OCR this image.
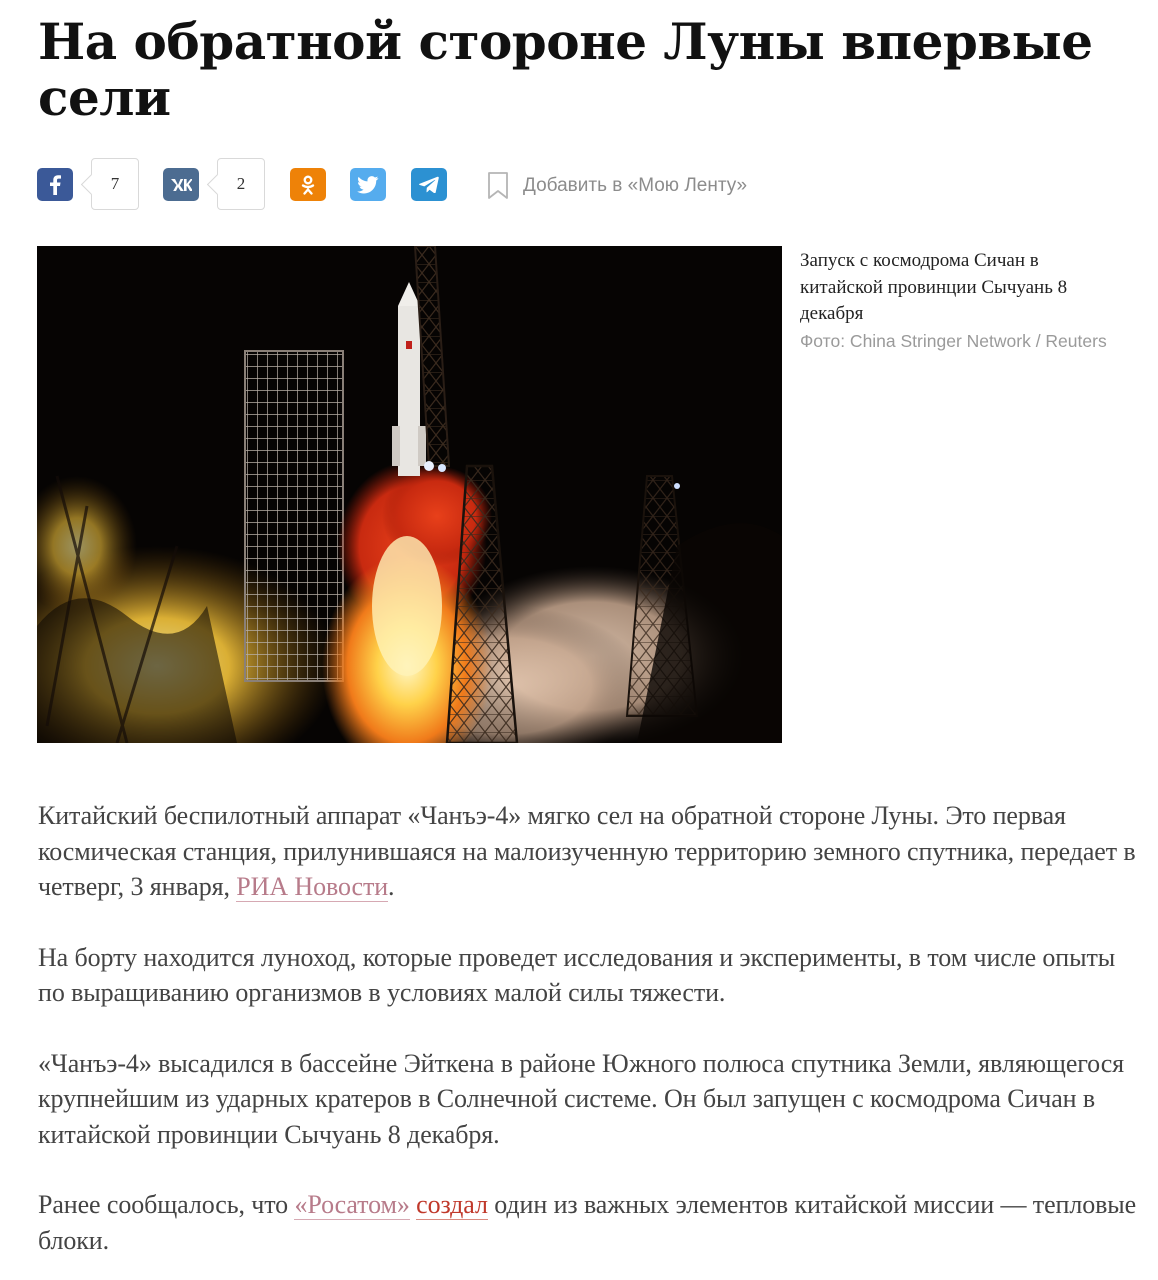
На обратной стороне Луны впервые сели
7	2	Добавить в «Мою Ленту»
Запуск с космодрома Сичан в китайской провинции Сычуань 8 декабря
Фото: China Stringer Network / Reuters

Китайский беспилотный аппарат «Чанъэ-4» мягко сел на обратной стороне Луны. Это первая космическая станция, прилунившаяся на малоизученную территорию земного спутника, передает в четверг, 3 января, РИА Новости.

На борту находится луноход, которые проведет исследования и эксперименты, в том числе опыты по выращиванию организмов в условиях малой силы тяжести.

«Чанъэ-4» высадился в бассейне Эйткена в районе Южного полюса спутника Земли, являющегося крупнейшим из ударных кратеров в Солнечной системе. Он был запущен с космодрома Сичан в китайской провинции Сычуань 8 декабря.

Ранее сообщалось, что «Росатом» создал один из важных элементов китайской миссии — тепловые блоки.
